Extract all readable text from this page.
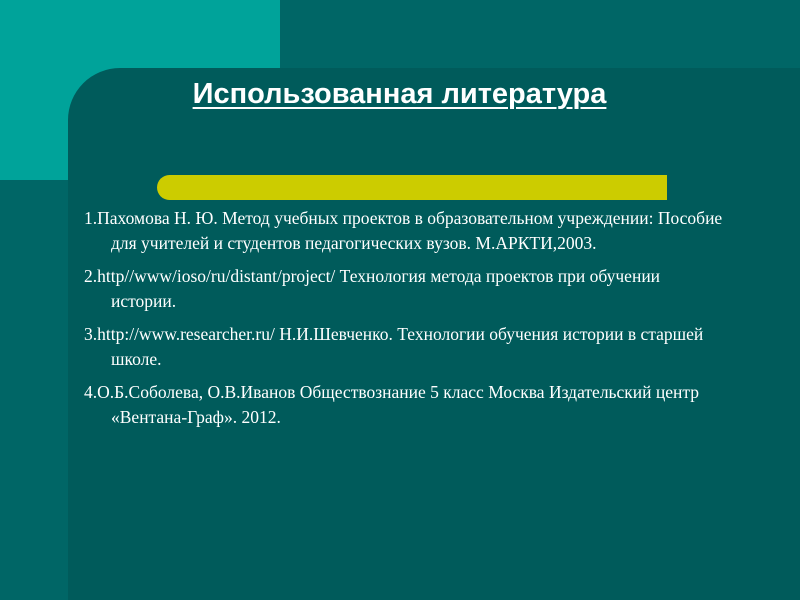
Использованная литература
1.Пахомова Н. Ю. Метод учебных проектов в образовательном учреждении: Пособие для учителей и студентов педагогических вузов. М.АРКТИ,2003.
2.http//www/ioso/ru/distant/project/ Технология метода проектов при обучении истории.
3.http://www.researcher.ru/ Н.И.Шевченко. Технологии обучения истории в старшей школе.
4.О.Б.Соболева, О.В.Иванов Обществознание 5 класс Москва Издательский центр «Вентана-Граф». 2012.
